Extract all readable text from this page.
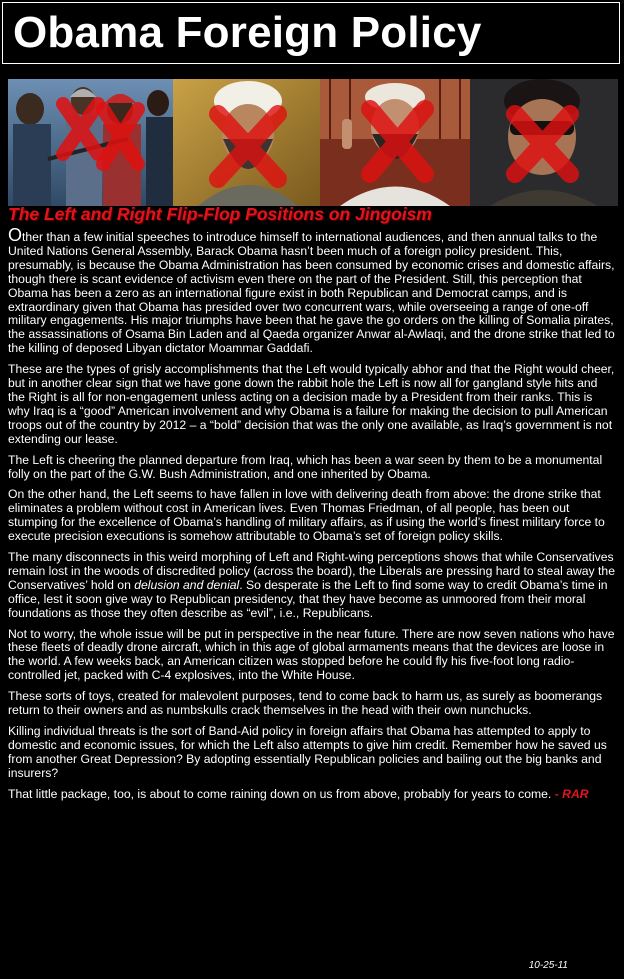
Obama Foreign Policy
The Left and Right Flip-Flop Positions on Jingoism

Other than a few initial speeches to introduce himself to international audiences, and then annual talks to the United Nations General Assembly, Barack Obama hasn’t been much of a foreign policy president. This, presumably, is because the Obama Administration has been consumed by economic crises and domestic affairs, though there is scant evidence of activism even there on the part of the President. Still, this perception that Obama has been a zero as an international figure exist in both Republican and Democrat camps, and is extraordinary given that Obama has presided over two concurrent wars, while overseeing a range of one-off military engagements. His major triumphs have been that he gave the go orders on the killing of Somalia pirates, the assassinations of Osama Bin Laden and al Qaeda organizer Anwar al-Awlaqi, and the drone strike that led to the killing of deposed Libyan dictator Moammar Gaddafi.

These are the types of grisly accomplishments that the Left would typically abhor and that the Right would cheer, but in another clear sign that we have gone down the rabbit hole the Left is now all for gangland style hits and the Right is all for non-engagement unless acting on a decision made by a President from their ranks. This is why Iraq is a “good” American involvement and why Obama is a failure for making the decision to pull American troops out of the country by 2012 – a “bold” decision that was the only one available, as Iraq’s government is not extending our lease.

The Left is cheering the planned departure from Iraq, which has been a war seen by them to be a monumental folly on the part of the G.W. Bush Administration, and one inherited by Obama.

On the other hand, the Left seems to have fallen in love with delivering death from above: the drone strike that eliminates a problem without cost in American lives. Even Thomas Friedman, of all people, has been out stumping for the excellence of Obama’s handling of military affairs, as if using the world’s finest military force to execute precision executions is somehow attributable to Obama’s set of foreign policy skills.

The many disconnects in this weird morphing of Left and Right-wing perceptions shows that while Conservatives remain lost in the woods of discredited policy (across the board), the Liberals are pressing hard to steal away the Conservatives’ hold on delusion and denial. So desperate is the Left to find some way to credit Obama’s time in office, lest it soon give way to Republican presidency, that they have become as unmoored from their moral foundations as those they often describe as “evil”, i.e., Republicans.

Not to worry, the whole issue will be put in perspective in the near future. There are now seven nations who have these fleets of deadly drone aircraft, which in this age of global armaments means that the devices are loose in the world. A few weeks back, an American citizen was stopped before he could fly his five-foot long radio-controlled jet, packed with C-4 explosives, into the White House.

These sorts of toys, created for malevolent purposes, tend to come back to harm us, as surely as boomerangs return to their owners and as numbskulls crack themselves in the head with their own nunchucks.

Killing individual threats is the sort of Band-Aid policy in foreign affairs that Obama has attempted to apply to domestic and economic issues, for which the Left also attempts to give him credit. Remember how he saved us from another Great Depression? By adopting essentially Republican policies and bailing out the big banks and insurers?

That little package, too, is about to come raining down on us from above, probably for years to come. - RAR

10-25-11
